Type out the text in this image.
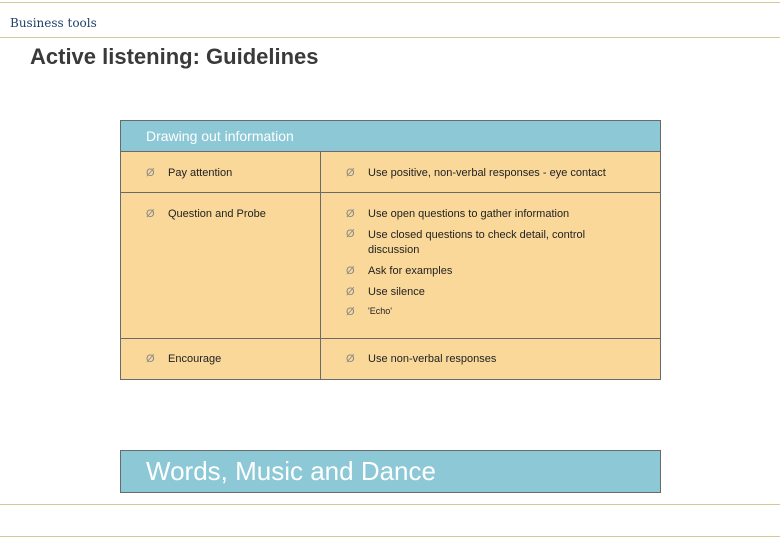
Business tools
Active listening: Guidelines
Drawing out information
Ø	Pay attention	Ø	Use positive, non-verbal responses - eye contact
Ø	Question and Probe	Ø	Use open questions to gather information
Ø	Use closed questions to check detail, control discussion
Ø	Ask for examples
Ø	Use silence
Ø	'Echo'
Ø	Encourage	Ø	Use non-verbal responses
Words, Music and Dance
